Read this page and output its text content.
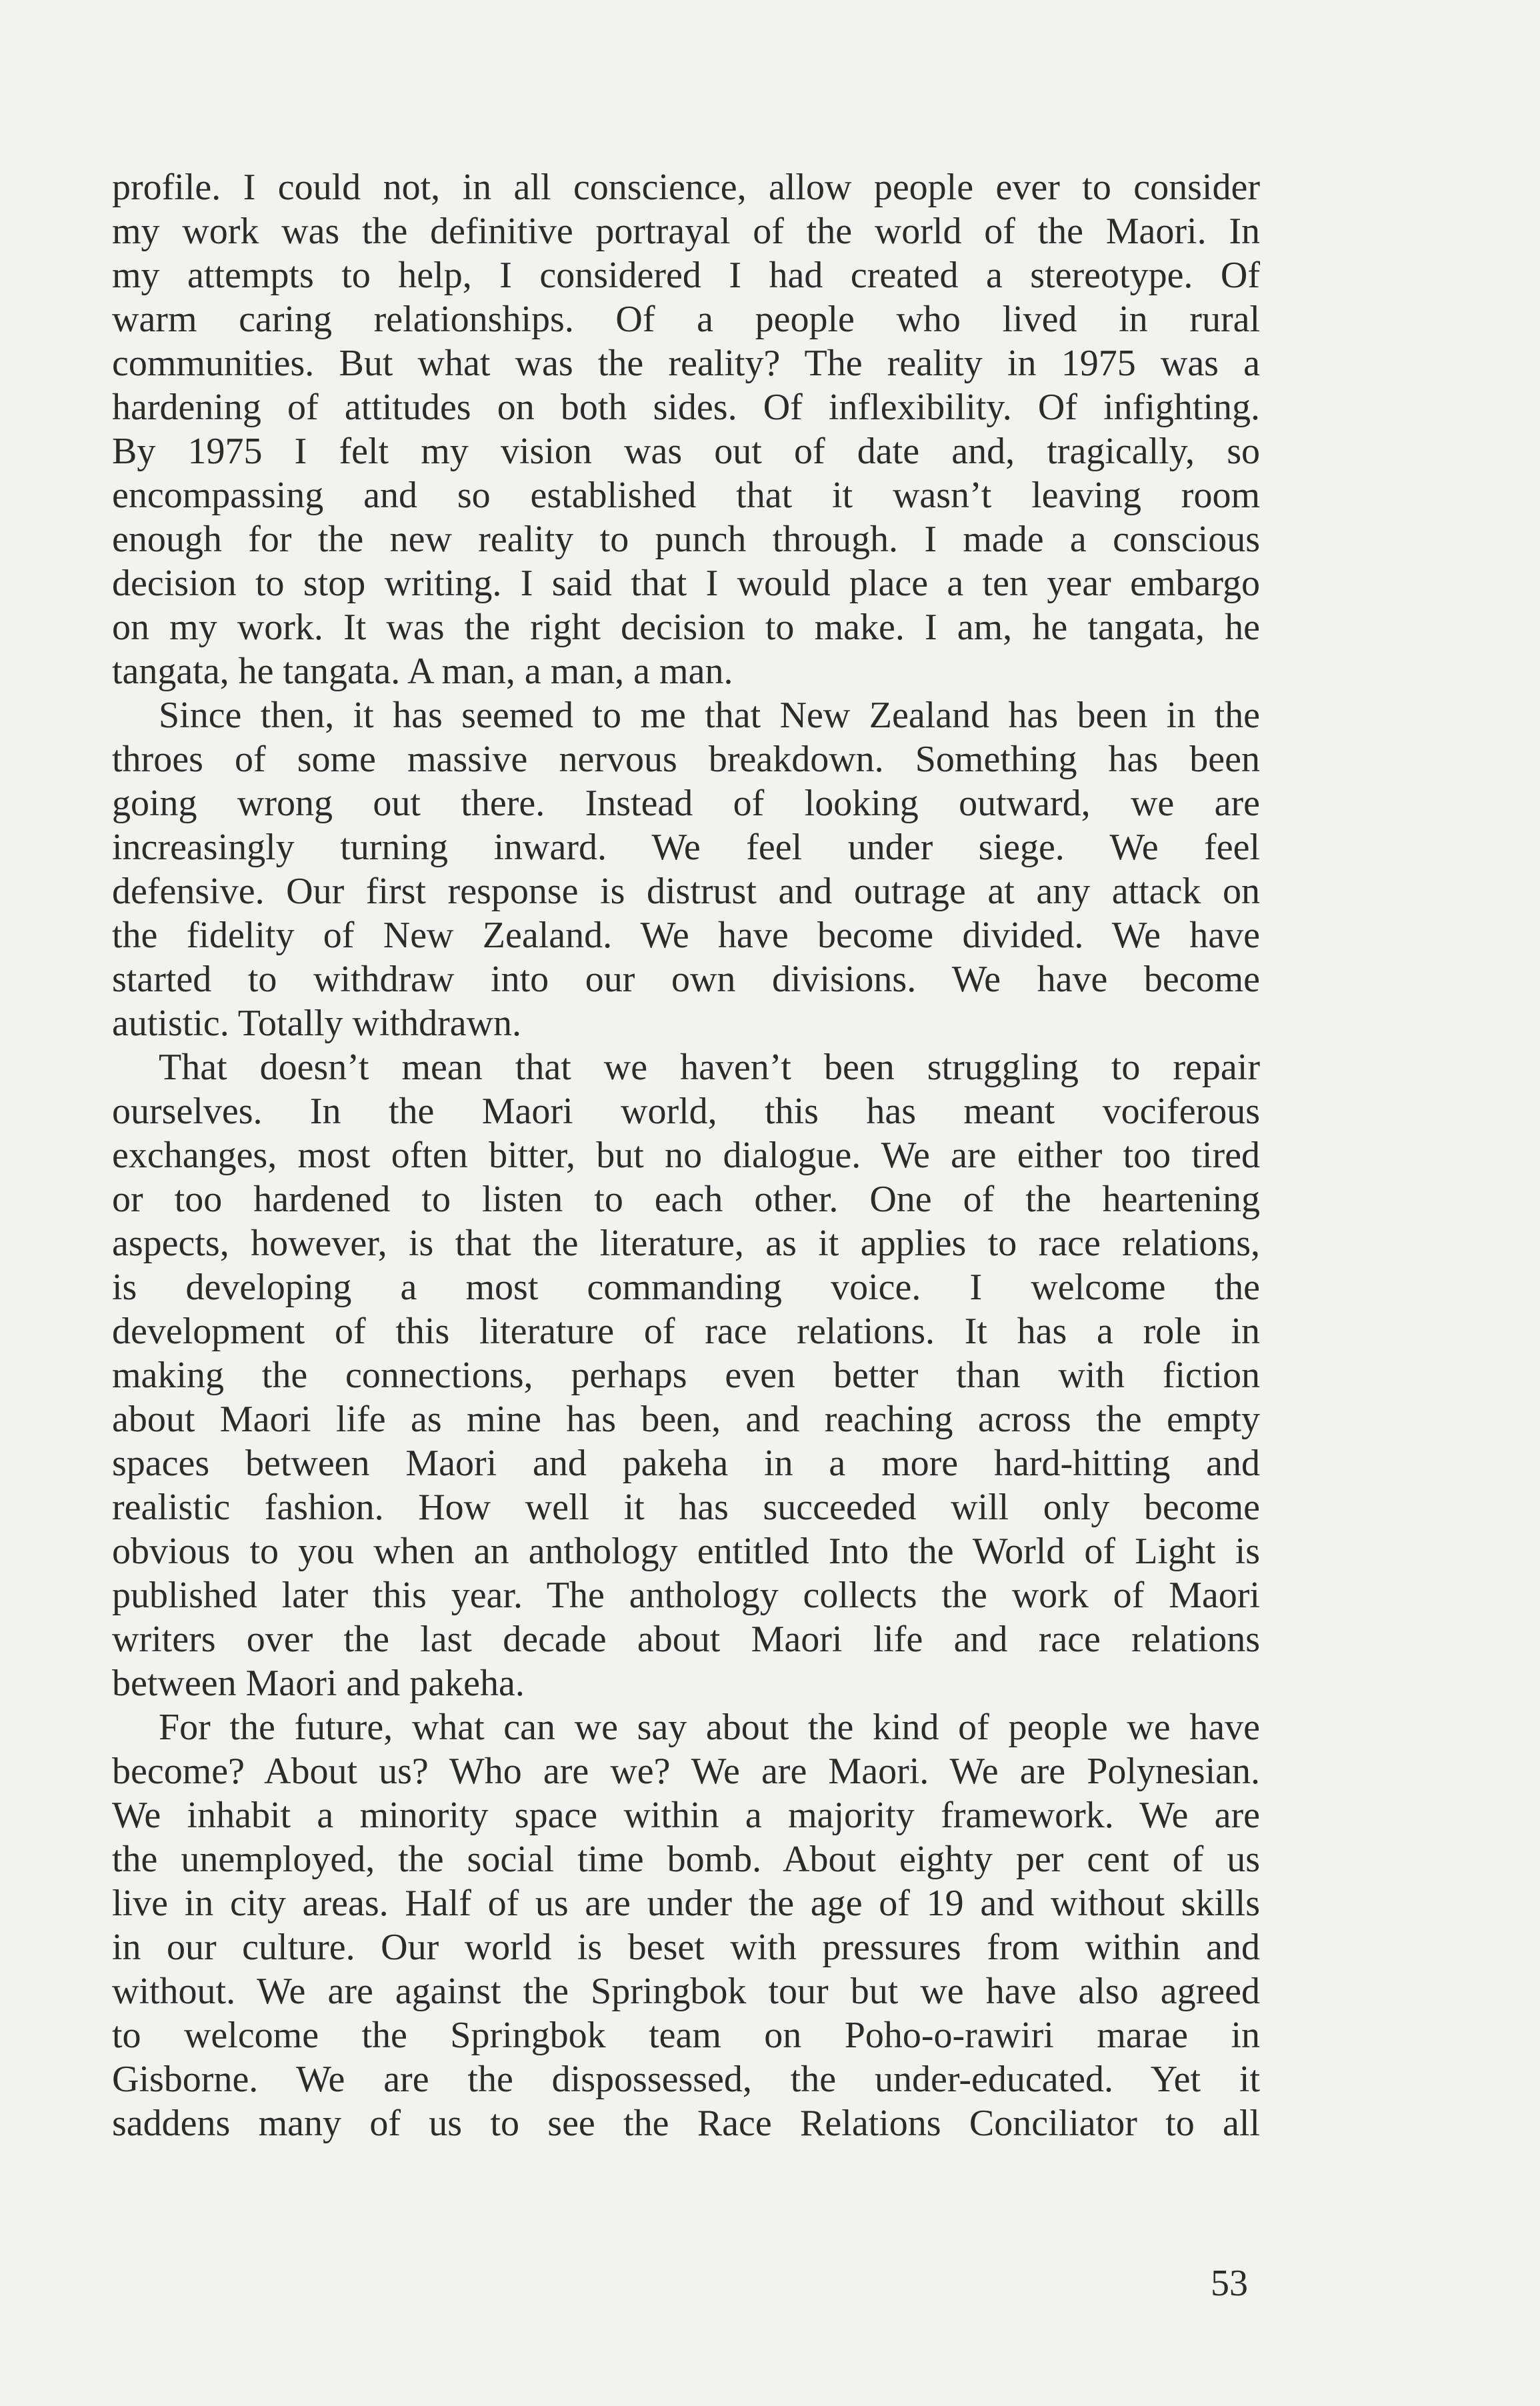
profile. I could not, in all conscience, allow people ever to consider
my work was the definitive portrayal of the world of the Maori. In
my attempts to help, I considered I had created a stereotype. Of
warm caring relationships. Of a people who lived in rural
communities. But what was the reality? The reality in 1975 was a
hardening of attitudes on both sides. Of inflexibility. Of infighting.
By 1975 I felt my vision was out of date and, tragically, so
encompassing and so established that it wasn’t leaving room
enough for the new reality to punch through. I made a conscious
decision to stop writing. I said that I would place a ten year embargo
on my work. It was the right decision to make. I am, he tangata, he
tangata, he tangata. A man, a man, a man.
Since then, it has seemed to me that New Zealand has been in the
throes of some massive nervous breakdown. Something has been
going wrong out there. Instead of looking outward, we are
increasingly turning inward. We feel under siege. We feel
defensive. Our first response is distrust and outrage at any attack on
the fidelity of New Zealand. We have become divided. We have
started to withdraw into our own divisions. We have become
autistic. Totally withdrawn.
That doesn’t mean that we haven’t been struggling to repair
ourselves. In the Maori world, this has meant vociferous
exchanges, most often bitter, but no dialogue. We are either too tired
or too hardened to listen to each other. One of the heartening
aspects, however, is that the literature, as it applies to race relations,
is developing a most commanding voice. I welcome the
development of this literature of race relations. It has a role in
making the connections, perhaps even better than with fiction
about Maori life as mine has been, and reaching across the empty
spaces between Maori and pakeha in a more hard-hitting and
realistic fashion. How well it has succeeded will only become
obvious to you when an anthology entitled Into the World of Light is
published later this year. The anthology collects the work of Maori
writers over the last decade about Maori life and race relations
between Maori and pakeha.
For the future, what can we say about the kind of people we have
become? About us? Who are we? We are Maori. We are Polynesian.
We inhabit a minority space within a majority framework. We are
the unemployed, the social time bomb. About eighty per cent of us
live in city areas. Half of us are under the age of 19 and without skills
in our culture. Our world is beset with pressures from within and
without. We are against the Springbok tour but we have also agreed
to welcome the Springbok team on Poho-o-rawiri marae in
Gisborne. We are the dispossessed, the under-educated. Yet it
saddens many of us to see the Race Relations Conciliator to all
53
